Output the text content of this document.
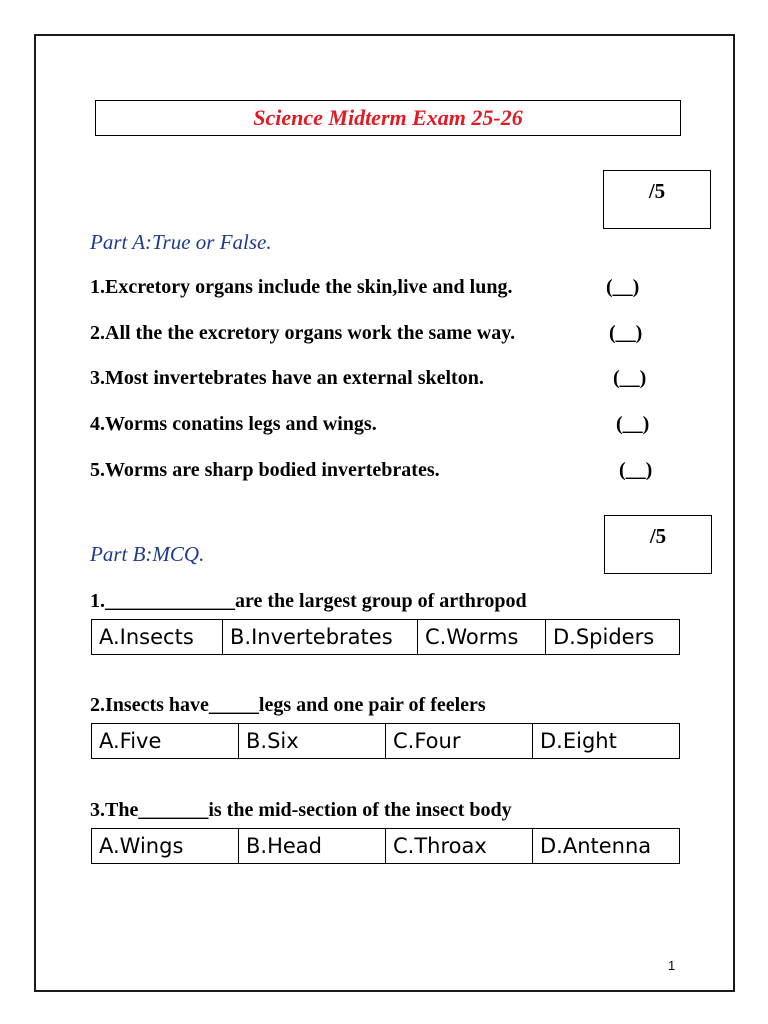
Science Midterm Exam 25-26
/5
Part A:True or False.
1.Excretory organs include the skin,live and lung.	(__)
2.All the the excretory organs work the same way.	(__)
3.Most invertebrates have an external skelton.	(__)
4.Worms conatins legs and wings.	(__)
5.Worms are sharp bodied invertebrates.	(__)
/5
Part B:MCQ.
1._____________are the largest group of arthropod
A.Insects	B.Invertebrates	C.Worms	D.Spiders
2.Insects have_____legs and one pair of feelers
A.Five	B.Six	C.Four	D.Eight
3.The_______is the mid-section of the insect body
A.Wings	B.Head	C.Throax	D.Antenna
1
